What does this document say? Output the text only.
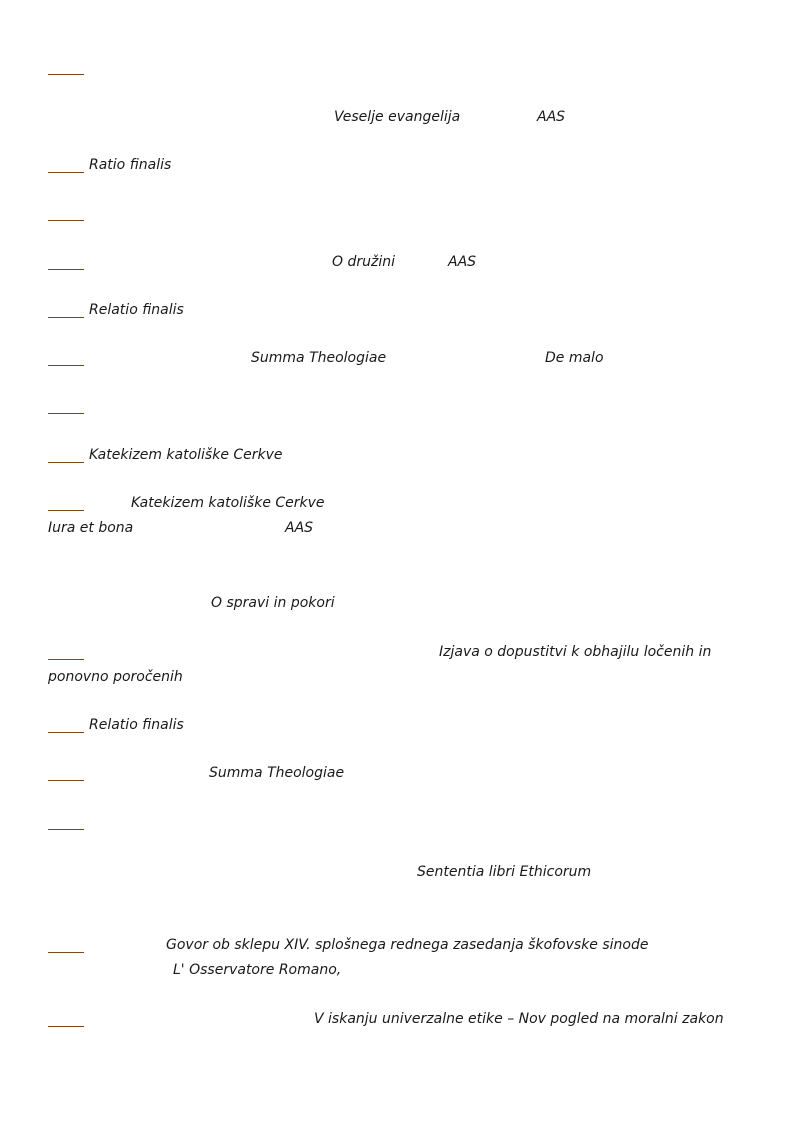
Veselje evangelija	AAS
Ratio finalis
O družini	AAS
Relatio finalis
Summa Theologiae	De malo
Katekizem katoliške Cerkve
Katekizem katoliške Cerkve
Iura et bona	AAS
O spravi in pokori
Izjava o dopustitvi k obhajilu ločenih in
ponovno poročenih
Relatio finalis
Summa Theologiae
Sententia libri Ethicorum
Govor ob sklepu XIV. splošnega rednega zasedanja škofovske sinode
L' Osservatore Romano,
V iskanju univerzalne etike – Nov pogled na moralni zakon
